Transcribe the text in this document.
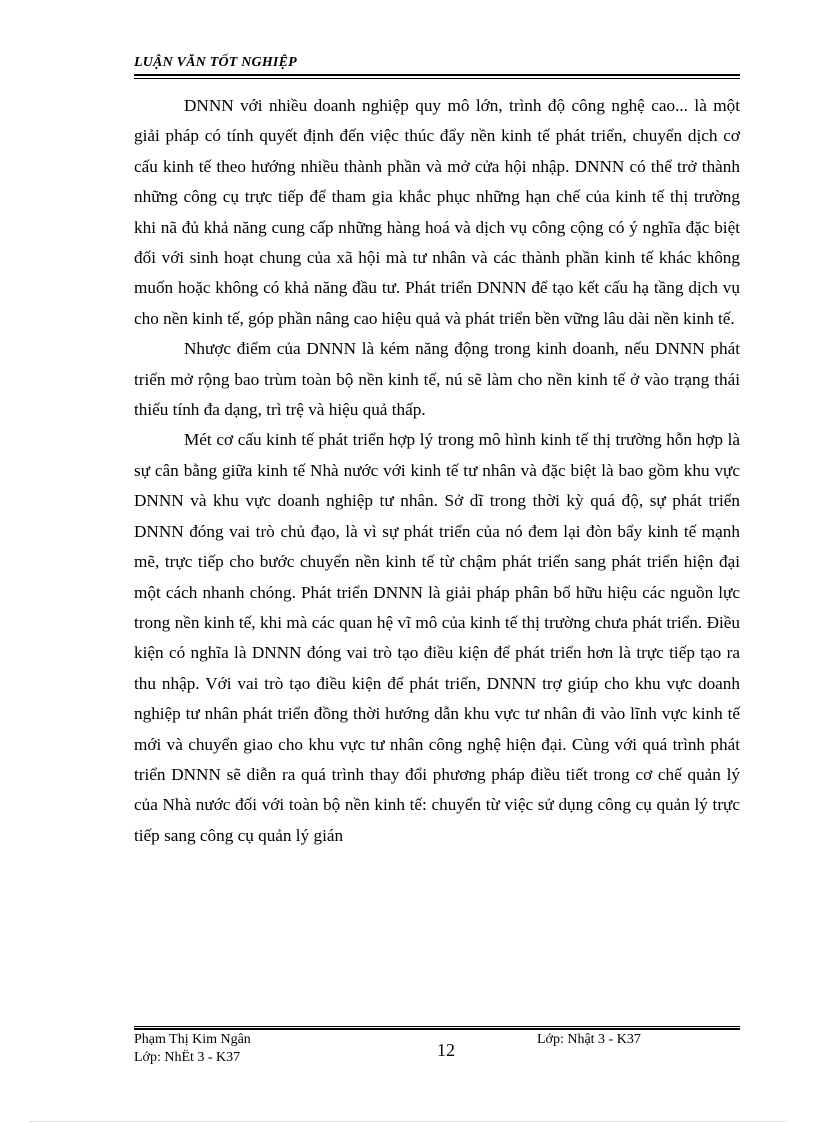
LUẬN VĂN TỐT NGHIỆP

DNNN với nhiều doanh nghiệp quy mô lớn, trình độ công nghệ cao... là một giải pháp có tính quyết định đến việc thúc đẩy nền kinh tế phát triển, chuyển dịch cơ cấu kinh tế theo hướng nhiều thành phần và mở cửa hội nhập. DNNN có thể trở thành những công cụ trực tiếp để tham gia khắc phục những hạn chế của kinh tế thị trường khi nã đủ khả năng cung cấp những hàng hoá và dịch vụ công cộng có ý nghĩa đặc biệt đối với sinh hoạt chung của xã hội mà tư nhân và các thành phần kinh tế khác không muốn hoặc không có khả năng đầu tư. Phát triển DNNN để tạo kết cấu hạ tầng dịch vụ cho nền kinh tế, góp phần nâng cao hiệu quả và phát triển bền vững lâu dài nền kinh tế.

Nhược điểm của DNNN là kém năng động trong kinh doanh, nếu DNNN phát triển mở rộng bao trùm toàn bộ nền kinh tế, nú sẽ làm cho nền kinh tế ở vào trạng thái thiếu tính đa dạng, trì trệ và hiệu quả thấp.

Mét cơ cấu kinh tế phát triển hợp lý trong mô hình kinh tế thị trường hỗn hợp là sự cân bằng giữa kinh tế Nhà nước với kinh tế tư nhân và đặc biệt là bao gồm khu vực DNNN và khu vực doanh nghiệp tư nhân. Sở dĩ trong thời kỳ quá độ, sự phát triển DNNN đóng vai trò chủ đạo, là vì sự phát triển của nó đem lại đòn bẩy kinh tế mạnh mẽ, trực tiếp cho bước chuyển nền kinh tế từ chậm phát triển sang phát triển hiện đại một cách nhanh chóng. Phát triển DNNN là giải pháp phân bổ hữu hiệu các nguồn lực trong nền kinh tế, khi mà các quan hệ vĩ mô của kinh tế thị trường chưa phát triển. Điều kiện có nghĩa là DNNN đóng vai trò tạo điều kiện để phát triển hơn là trực tiếp tạo ra thu nhập. Với vai trò tạo điều kiện để phát triển, DNNN trợ giúp cho khu vực doanh nghiệp tư nhân phát triển đồng thời hướng dẫn khu vực tư nhân đi vào lĩnh vực kinh tế mới và chuyển giao cho khu vực tư nhân công nghệ hiện đại. Cùng với quá trình phát triển DNNN sẽ diễn ra quá trình thay đổi phương pháp điều tiết trong cơ chế quản lý của Nhà nước đối với toàn bộ nền kinh tế: chuyển từ việc sử dụng công cụ quản lý trực tiếp sang công cụ quản lý gián

Phạm Thị Kim Ngân
Lớp: NhËt 3 - K37	12
Lớp: Nhật 3 - K37
